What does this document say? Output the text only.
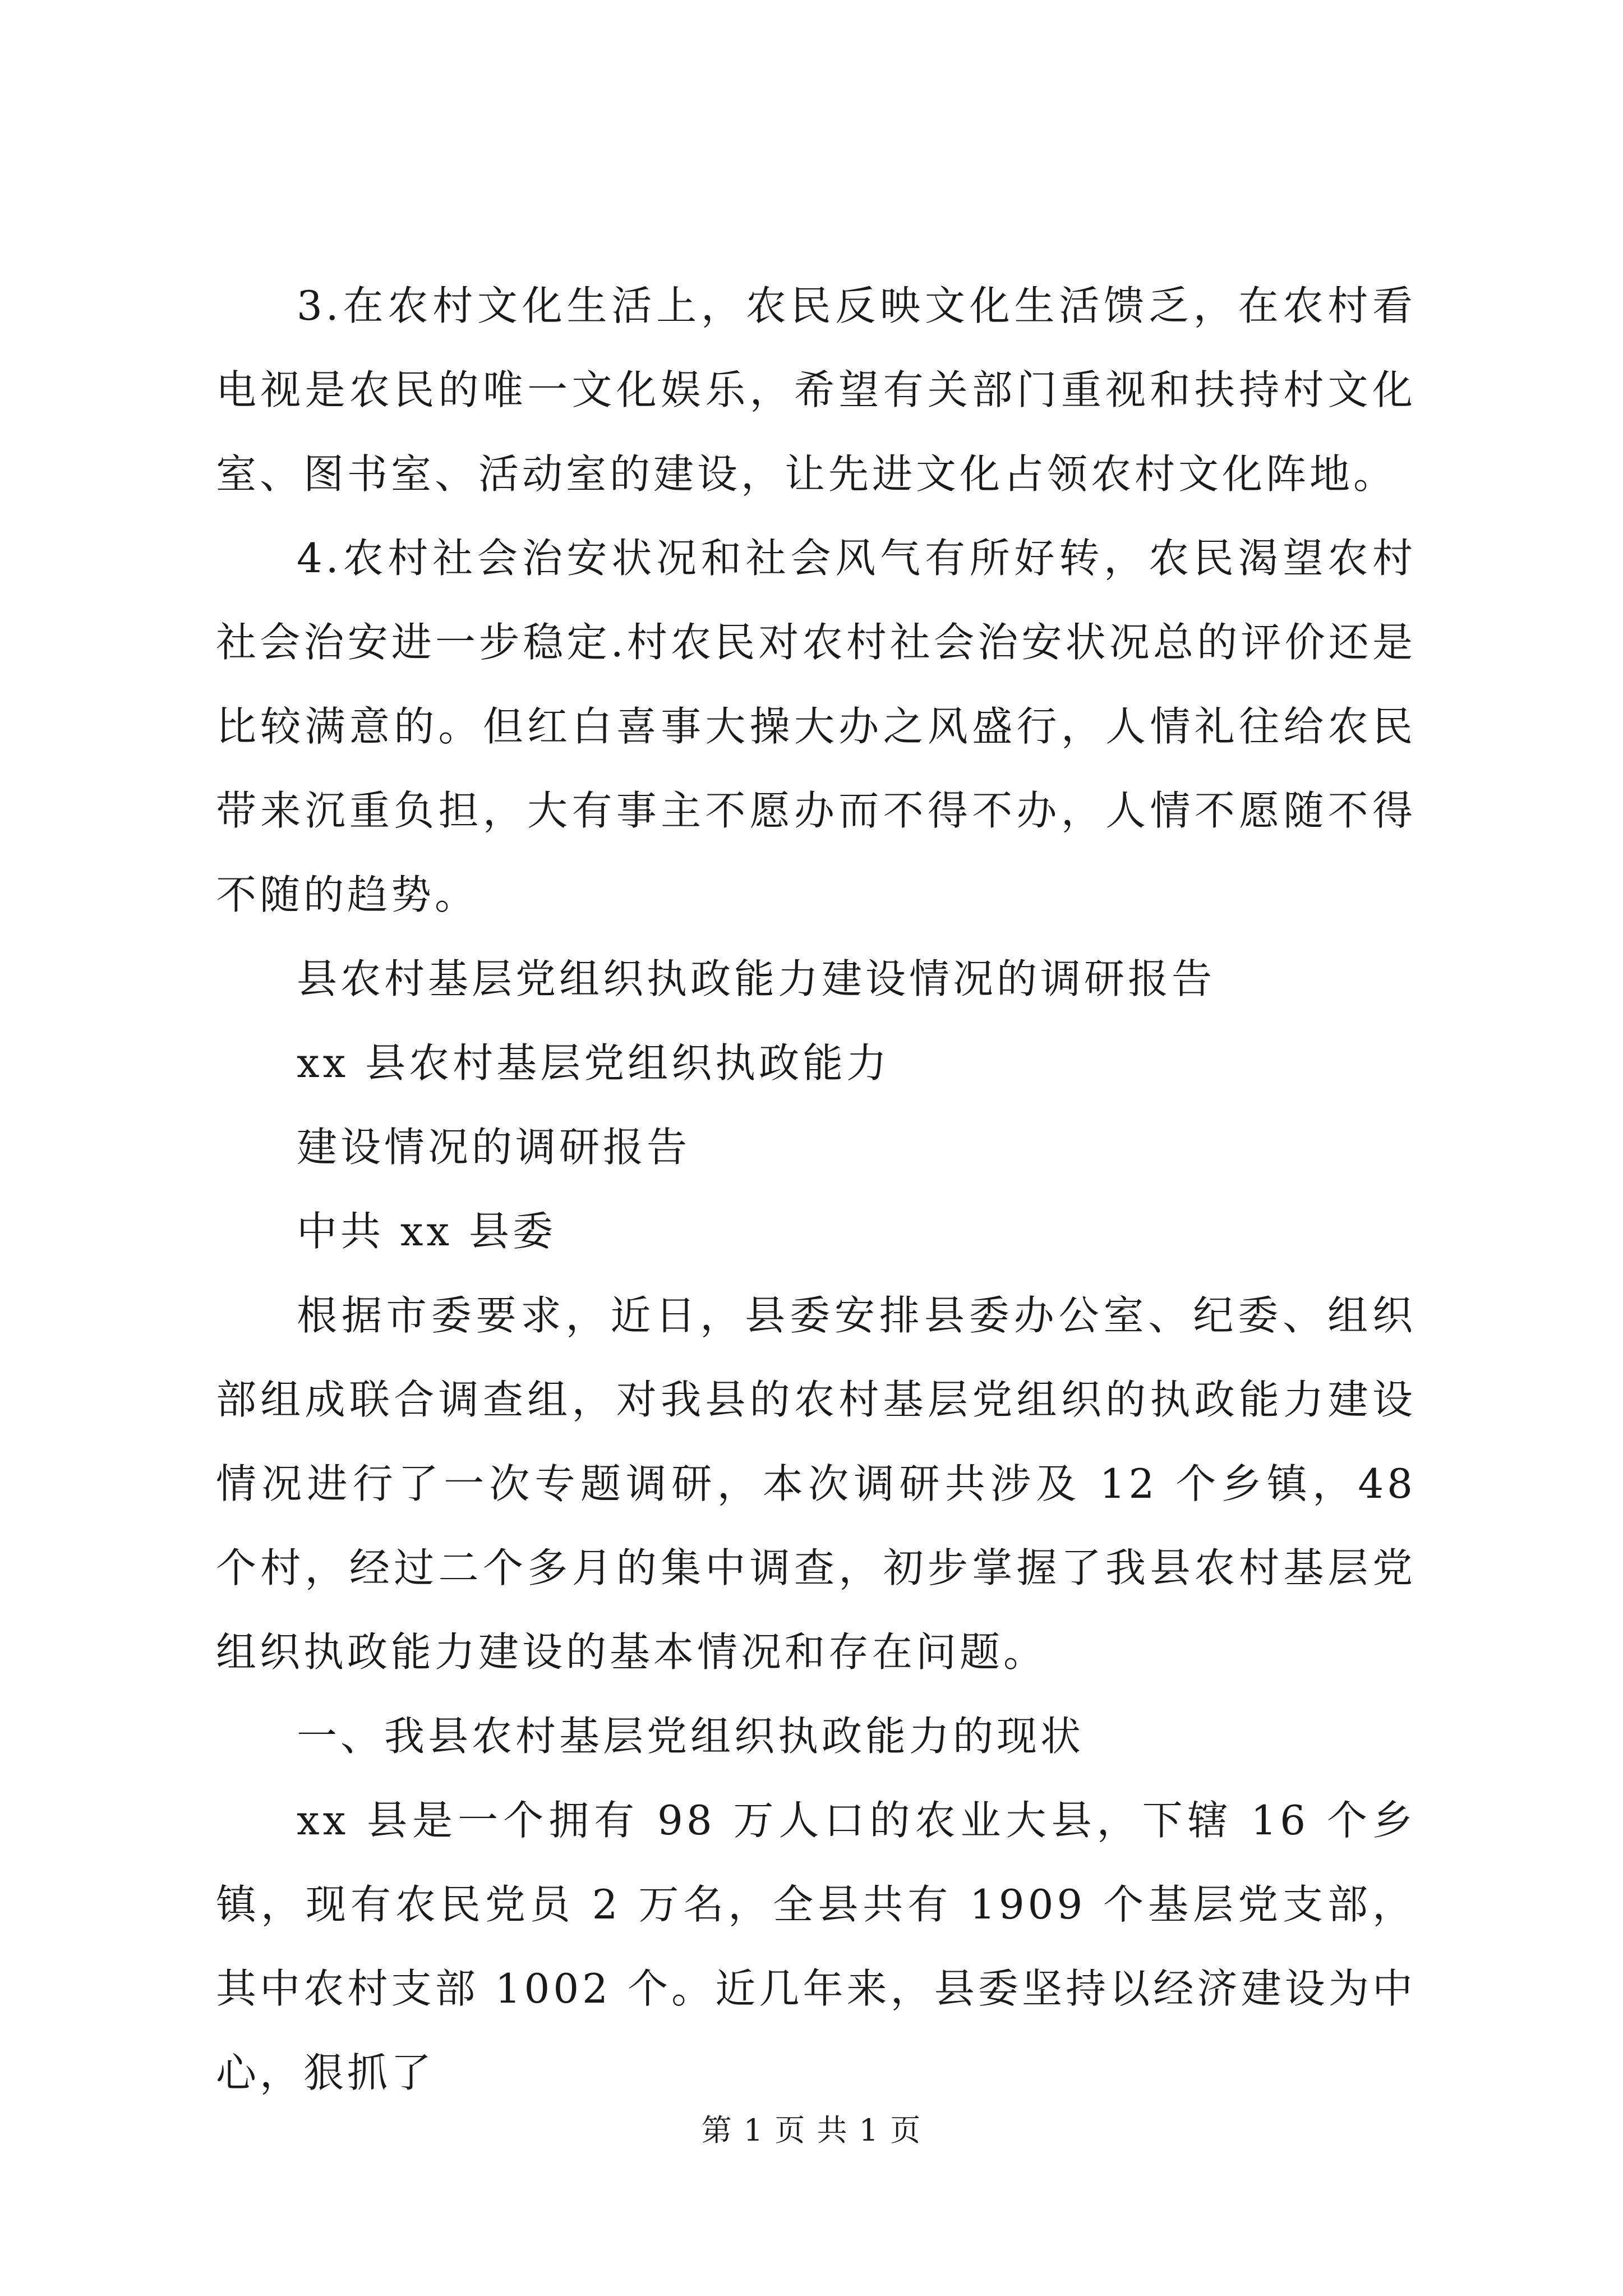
3.在农村文化生活上，农民反映文化生活馈乏，在农村看电视是农民的唯一文化娱乐，希望有关部门重视和扶持村文化室、图书室、活动室的建设，让先进文化占领农村文化阵地。

4.农村社会治安状况和社会风气有所好转，农民渴望农村社会治安进一步稳定.村农民对农村社会治安状况总的评价还是比较满意的。但红白喜事大操大办之风盛行，人情礼往给农民带来沉重负担，大有事主不愿办而不得不办，人情不愿随不得不随的趋势。

县农村基层党组织执政能力建设情况的调研报告

xx 县农村基层党组织执政能力

建设情况的调研报告

中共 xx 县委

根据市委要求，近日，县委安排县委办公室、纪委、组织部组成联合调查组，对我县的农村基层党组织的执政能力建设情况进行了一次专题调研，本次调研共涉及 12 个乡镇，48 个村，经过二个多月的集中调查，初步掌握了我县农村基层党组织执政能力建设的基本情况和存在问题。

一、我县农村基层党组织执政能力的现状

xx 县是一个拥有 98 万人口的农业大县，下辖 16 个乡镇，现有农民党员 2 万名，全县共有 1909 个基层党支部，其中农村支部 1002 个。近几年来，县委坚持以经济建设为中心，狠抓了

第 1 页 共 1 页
